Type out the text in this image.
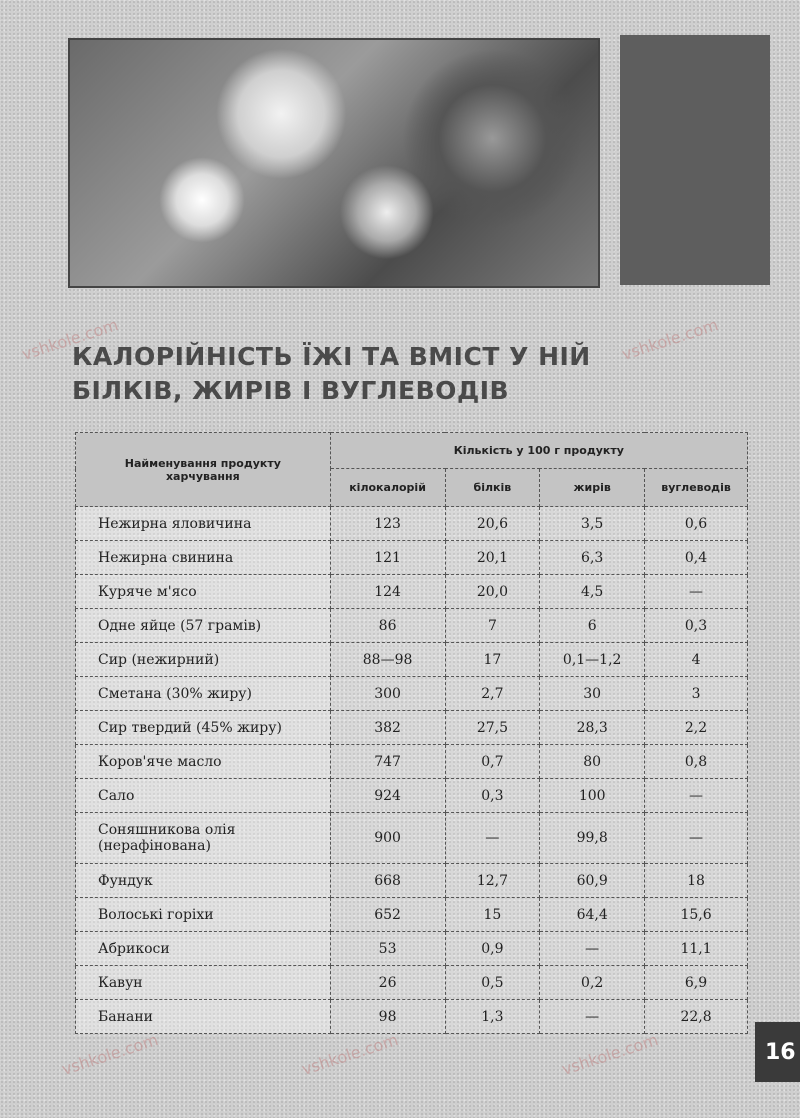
КАЛОРІЙНІСТЬ ЇЖІ ТА ВМІСТ У НІЙ
БІЛКІВ, ЖИРІВ І ВУГЛЕВОДІВ
Найменування продукту харчування	Кількість у 100 г продукту			
	кілокалорій	білків	жирів	вуглеводів
Нежирна яловичина	123	20,6	3,5	0,6
Нежирна свинина	121	20,1	6,3	0,4
Куряче м'ясо	124	20,0	4,5	—
Одне яйце (57 грамів)	86	7	6	0,3
Сир (нежирний)	88—98	17	0,1—1,2	4
Сметана (30% жиру)	300	2,7	30	3
Сир твердий (45% жиру)	382	27,5	28,3	2,2
Коров'яче масло	747	0,7	80	0,8
Сало	924	0,3	100	—
Соняшникова олія (нерафінована)	900	—	99,8	—
Фундук	668	12,7	60,9	18
Волоські горіхи	652	15	64,4	15,6
Абрикоси	53	0,9	—	11,1
Кавун	26	0,5	0,2	6,9
Банани	98	1,3	—	22,8
vshkole.com	vshkole.com
vshkole.com	vshkole.com	vshkole.com	16
